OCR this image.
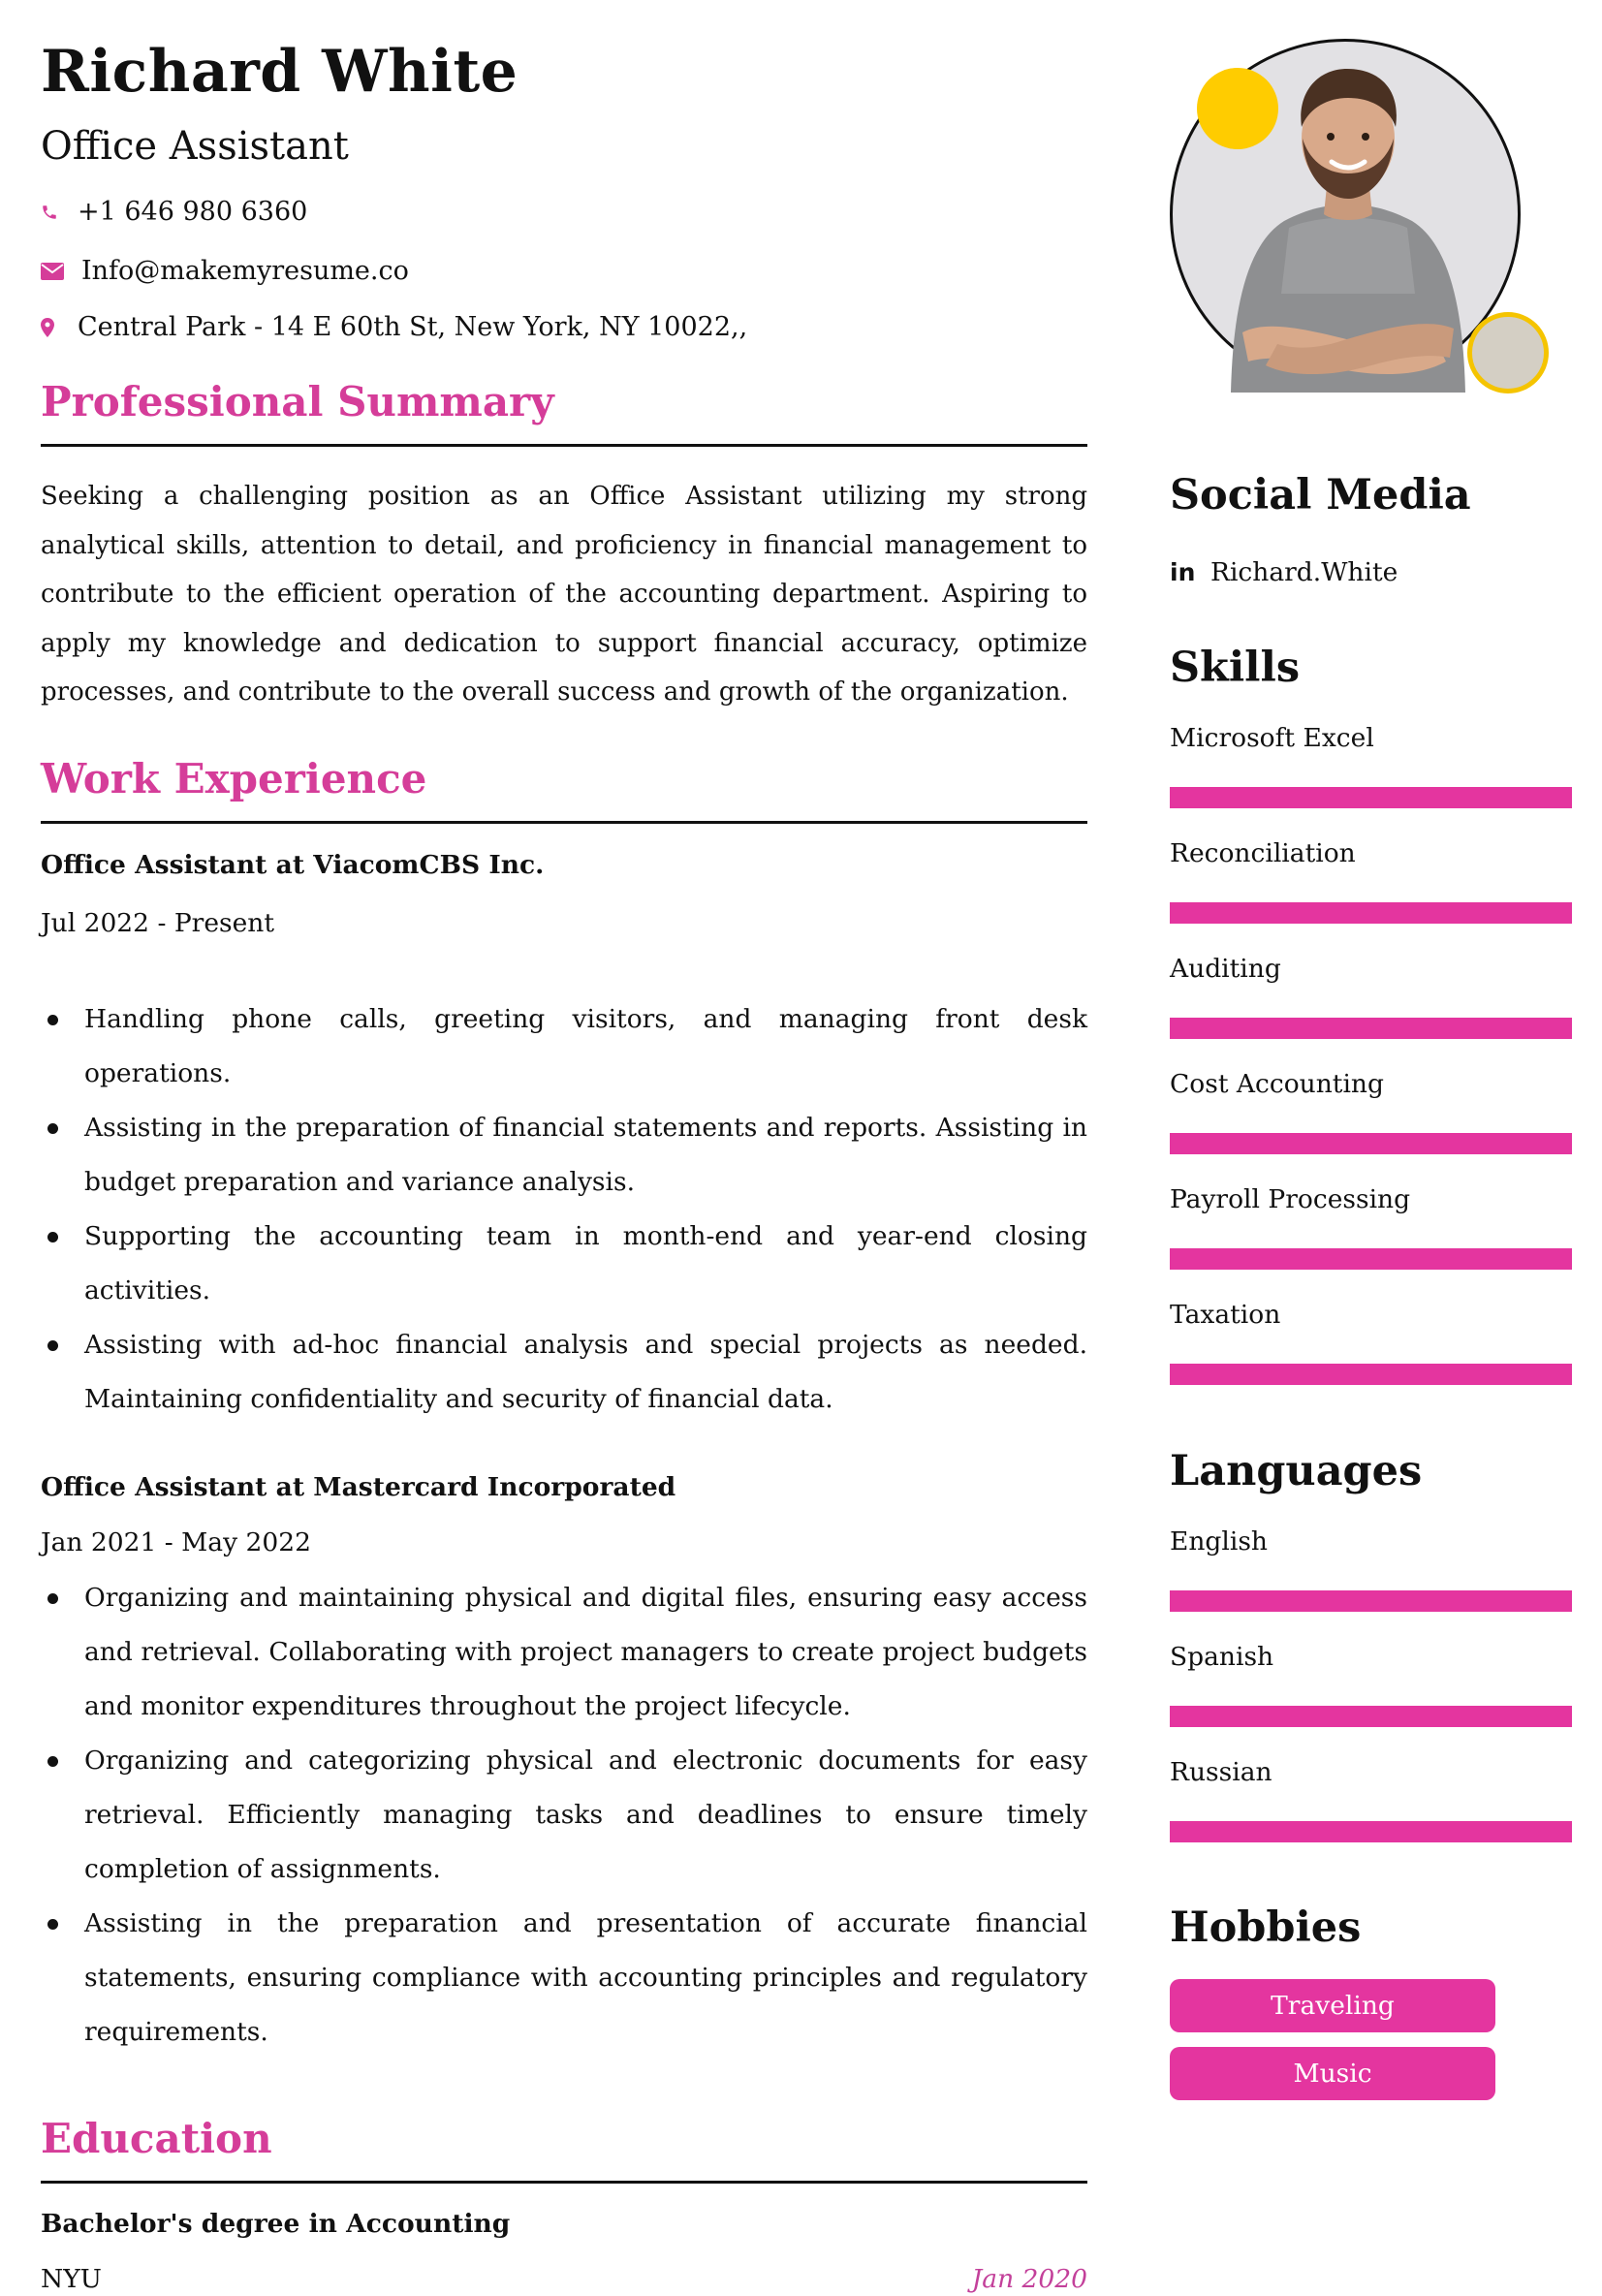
Richard White
Office Assistant
+1 646 980 6360
Info@makemyresume.co
Central Park - 14 E 60th St, New York, NY 10022,,
Professional Summary

Seeking a challenging position as an Office Assistant utilizing my strong analytical skills, attention to detail, and proficiency in financial management to contribute to the efficient operation of the accounting department. Aspiring to apply my knowledge and dedication to support financial accuracy, optimize processes, and contribute to the overall success and growth of the organization.

Work Experience
Office Assistant at ViacomCBS Inc.
Jul 2022 - Present
Handling phone calls, greeting visitors, and managing front desk operations.
Assisting in the preparation of financial statements and reports. Assisting in budget preparation and variance analysis.
Supporting the accounting team in month-end and year-end closing activities.
Assisting with ad-hoc financial analysis and special projects as needed. Maintaining confidentiality and security of financial data.
Office Assistant at Mastercard Incorporated
Jan 2021 - May 2022
Organizing and maintaining physical and digital files, ensuring easy access and retrieval. Collaborating with project managers to create project budgets and monitor expenditures throughout the project lifecycle.
Organizing and categorizing physical and electronic documents for easy retrieval. Efficiently managing tasks and deadlines to ensure timely completion of assignments.
Assisting in the preparation and presentation of accurate financial statements, ensuring compliance with accounting principles and regulatory requirements.
Education
Bachelor's degree in Accounting
NYU	Jan 2020
Social Media
in Richard.White
Skills
Microsoft Excel
Reconciliation
Auditing
Cost Accounting
Payroll Processing
Taxation
Languages
English
Spanish
Russian
Hobbies
Traveling
Music
